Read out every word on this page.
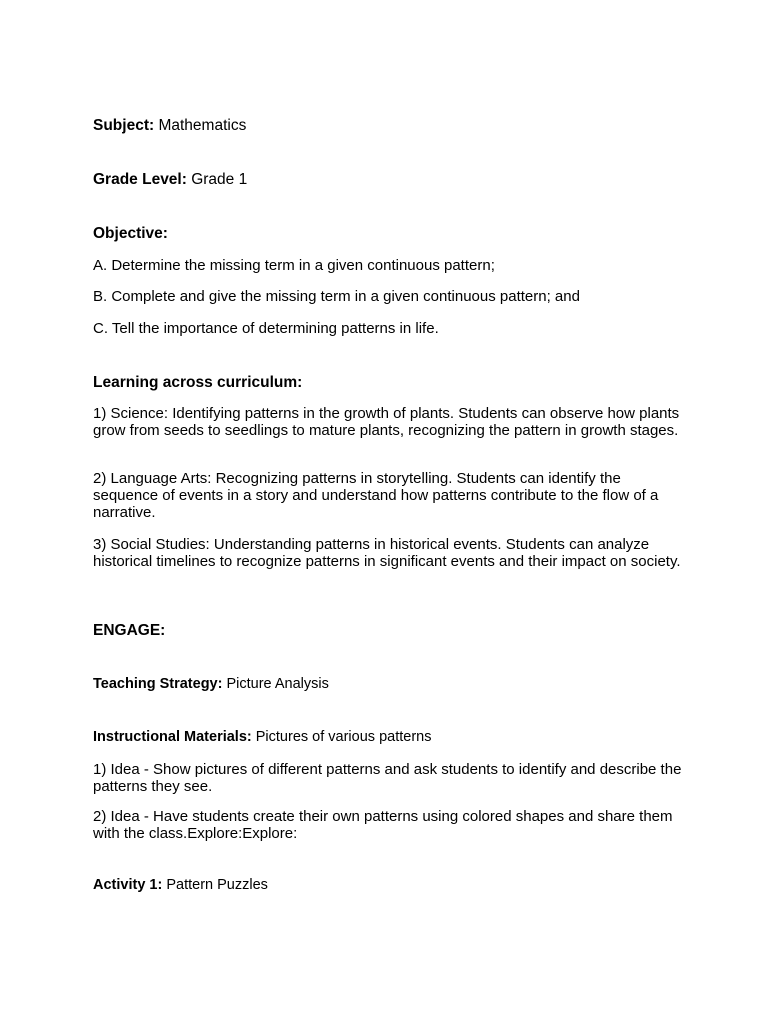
Subject: Mathematics

Grade Level: Grade 1

Objective:

A. Determine the missing term in a given continuous pattern;

B. Complete and give the missing term in a given continuous pattern; and

C. Tell the importance of determining patterns in life.

Learning across curriculum:

1) Science: Identifying patterns in the growth of plants. Students can observe how plants grow from seeds to seedlings to mature plants, recognizing the pattern in growth stages.

2) Language Arts: Recognizing patterns in storytelling. Students can identify the sequence of events in a story and understand how patterns contribute to the flow of a narrative.

3) Social Studies: Understanding patterns in historical events. Students can analyze historical timelines to recognize patterns in significant events and their impact on society.

ENGAGE:

Teaching Strategy: Picture Analysis

Instructional Materials: Pictures of various patterns

1) Idea - Show pictures of different patterns and ask students to identify and describe the patterns they see.

2) Idea - Have students create their own patterns using colored shapes and share them with the class.Explore:Explore:

Activity 1: Pattern Puzzles
